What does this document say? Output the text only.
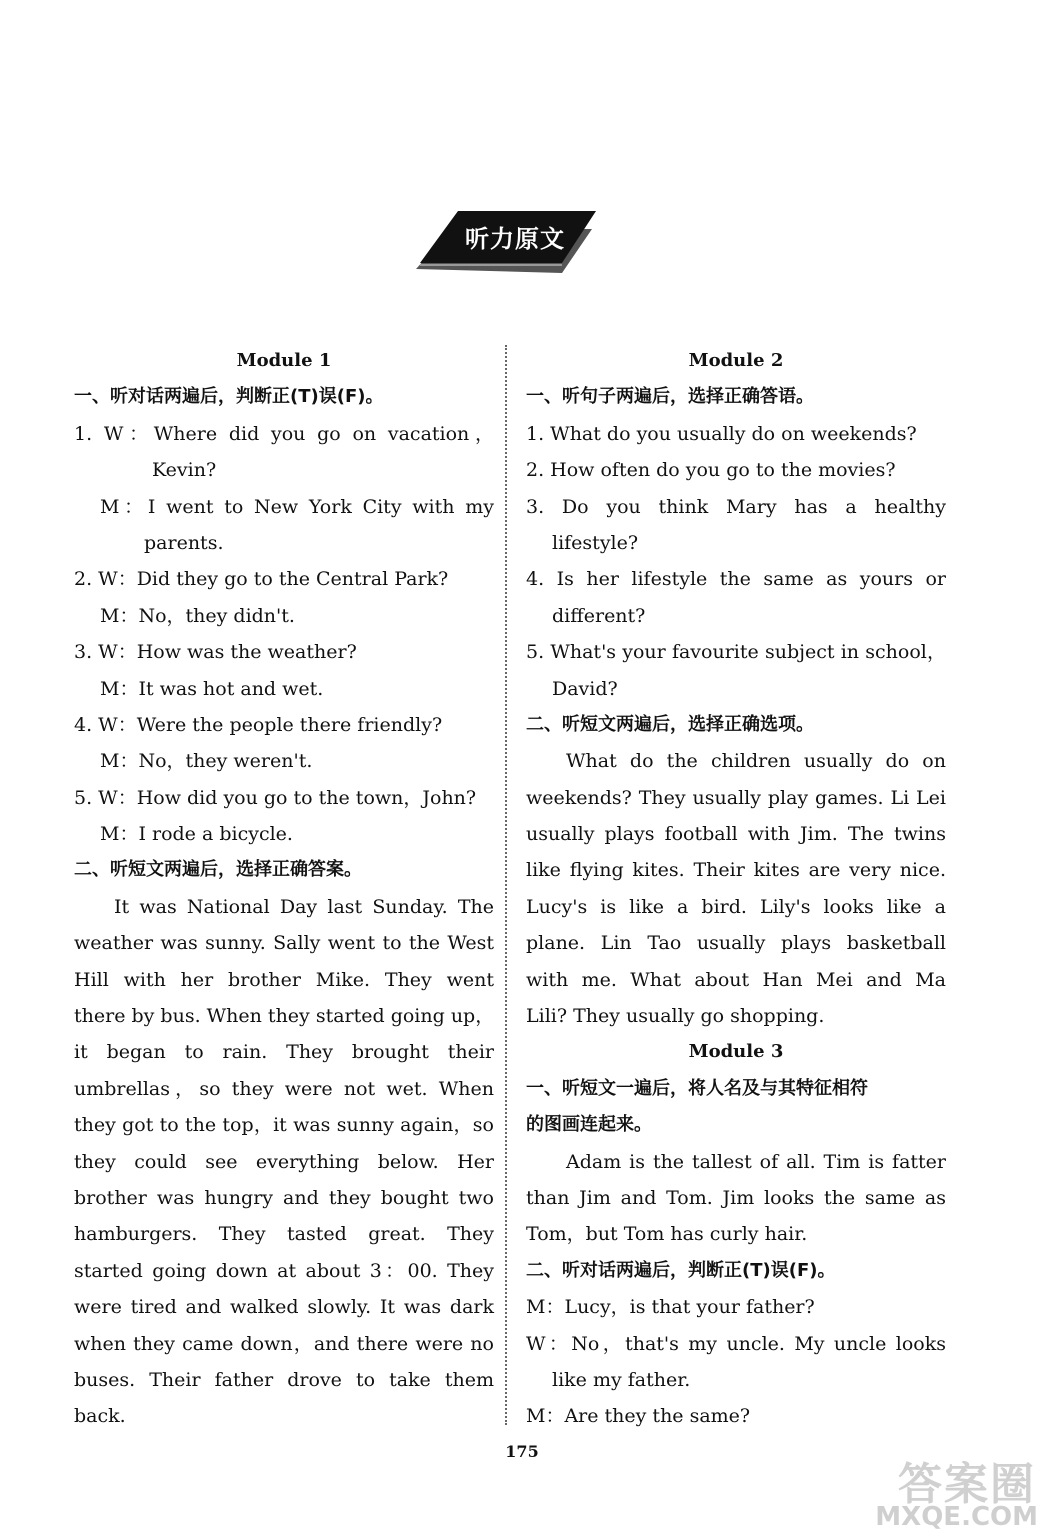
听力原文
Module 1
一、听对话两遍后，判断正(T)误(F)。
1. W：Where did you go on vacation，
Kevin?
M：I went to New York City with my
parents.
2. W：Did they go to the Central Park?
M：No，they didn't.
3. W：How was the weather?
M：It was hot and wet.
4. W：Were the people there friendly?
M：No，they weren't.
5. W：How did you go to the town，John?
M：I rode a bicycle.
二、听短文两遍后，选择正确答案。
It was National Day last Sunday. The
weather was sunny. Sally went to the West
Hill with her brother Mike. They went
there by bus. When they started going up，
it began to rain. They brought their
umbrellas，so they were not wet. When
they got to the top，it was sunny again，so
they could see everything below. Her
brother was hungry and they bought two
hamburgers. They tasted great. They
started going down at about 3：00. They
were tired and walked slowly. It was dark
when they came down，and there were no
buses. Their father drove to take them
back.
Module 2
一、听句子两遍后，选择正确答语。
1. What do you usually do on weekends?
2. How often do you go to the movies?
3. Do you think Mary has a healthy
lifestyle?
4. Is her lifestyle the same as yours or
different?
5. What's your favourite subject in school，
David?
二、听短文两遍后，选择正确选项。
What do the children usually do on
weekends? They usually play games. Li Lei
usually plays football with Jim. The twins
like flying kites. Their kites are very nice.
Lucy's is like a bird. Lily's looks like a
plane. Lin Tao usually plays basketball
with me. What about Han Mei and Ma
Lili? They usually go shopping.
Module 3
一、听短文一遍后，将人名及与其特征相符
的图画连起来。
Adam is the tallest of all. Tim is fatter
than Jim and Tom. Jim looks the same as
Tom，but Tom has curly hair.
二、听对话两遍后，判断正(T)误(F)。
M：Lucy，is that your father?
W：No，that's my uncle. My uncle looks
like my father.
M：Are they the same?
175
答案圈
MXQE.COM
